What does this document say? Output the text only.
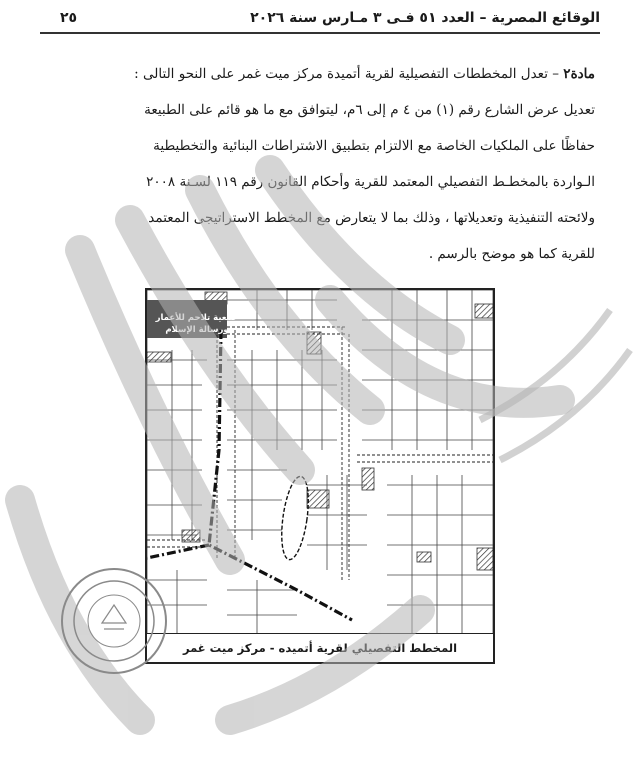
الوقائع المصرية – العدد ٥١ فـى ٣ مـارس سنة ٢٠٢٦
٢٥
مادة٢ – تعدل المخططات التفصيلية لقرية أتميدة مركز ميت غمر على النحو التالى :
تعديل عرض الشارع رقم (١) من ٤ م إلى ٦م، ليتوافق مع ما هو قائم على الطبيعة
حفاظًا على الملكيات الخاصة مع الالتزام بتطبيق الاشتراطات البنائية والتخطيطية
الـواردة بالمخطـط التفصيلي المعتمد للقرية وأحكام القانون رقم ١١٩ لسـنة ٢٠٠٨
ولائحته التنفيذية وتعديلاتها ، وذلك بما لا يتعارض مع المخطط الاستراتيجى المعتمد
للقرية كما هو موضح بالرسم .
جمعية تلاحم للأعمار ورسالة الإسلام
المخطط التفصيلي لقرية أتميده - مركز ميت غمر
